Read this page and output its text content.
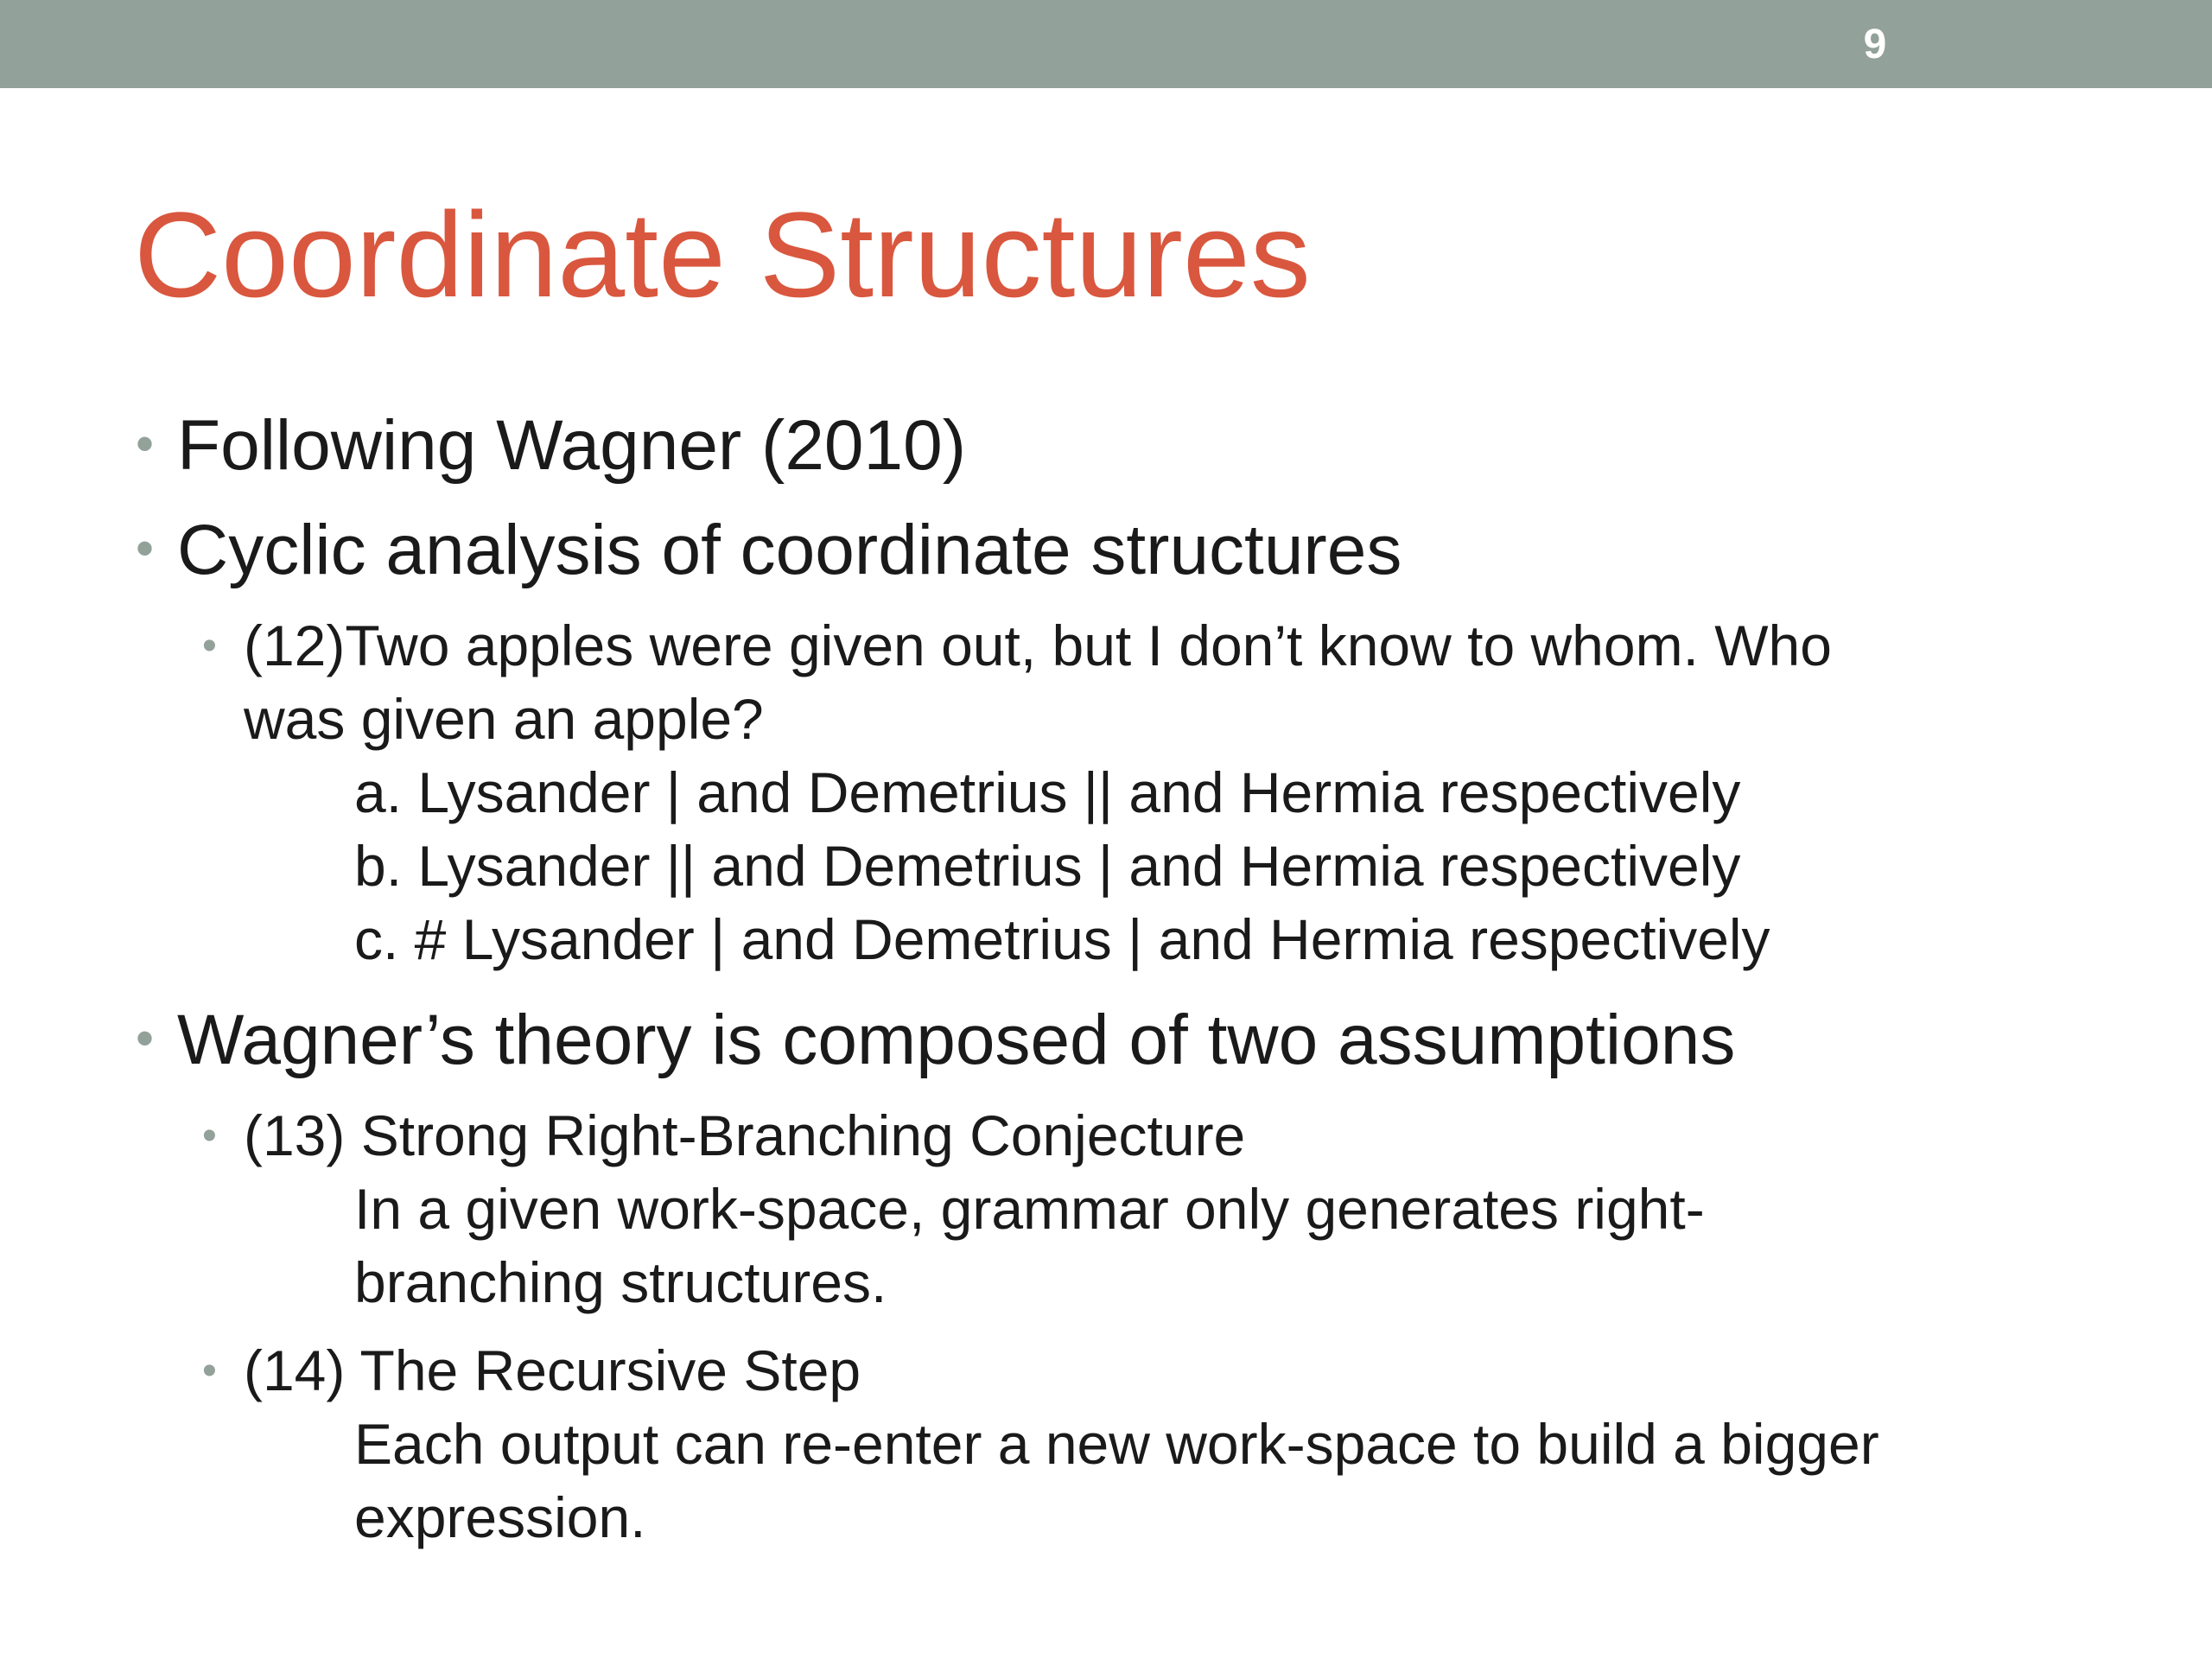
9
Coordinate Structures
• Following Wagner (2010)
• Cyclic analysis of coordinate structures
• (12)Two apples were given out, but I don’t know to whom. Who
was given an apple?
a. Lysander | and Demetrius || and Hermia respectively
b. Lysander || and Demetrius | and Hermia respectively
c. # Lysander | and Demetrius | and Hermia respectively
• Wagner’s theory is composed of two assumptions
• (13) Strong Right-Branching Conjecture
In a given work-space, grammar only generates right-
branching structures.
• (14) The Recursive Step
Each output can re-enter a new work-space to build a bigger
expression.
